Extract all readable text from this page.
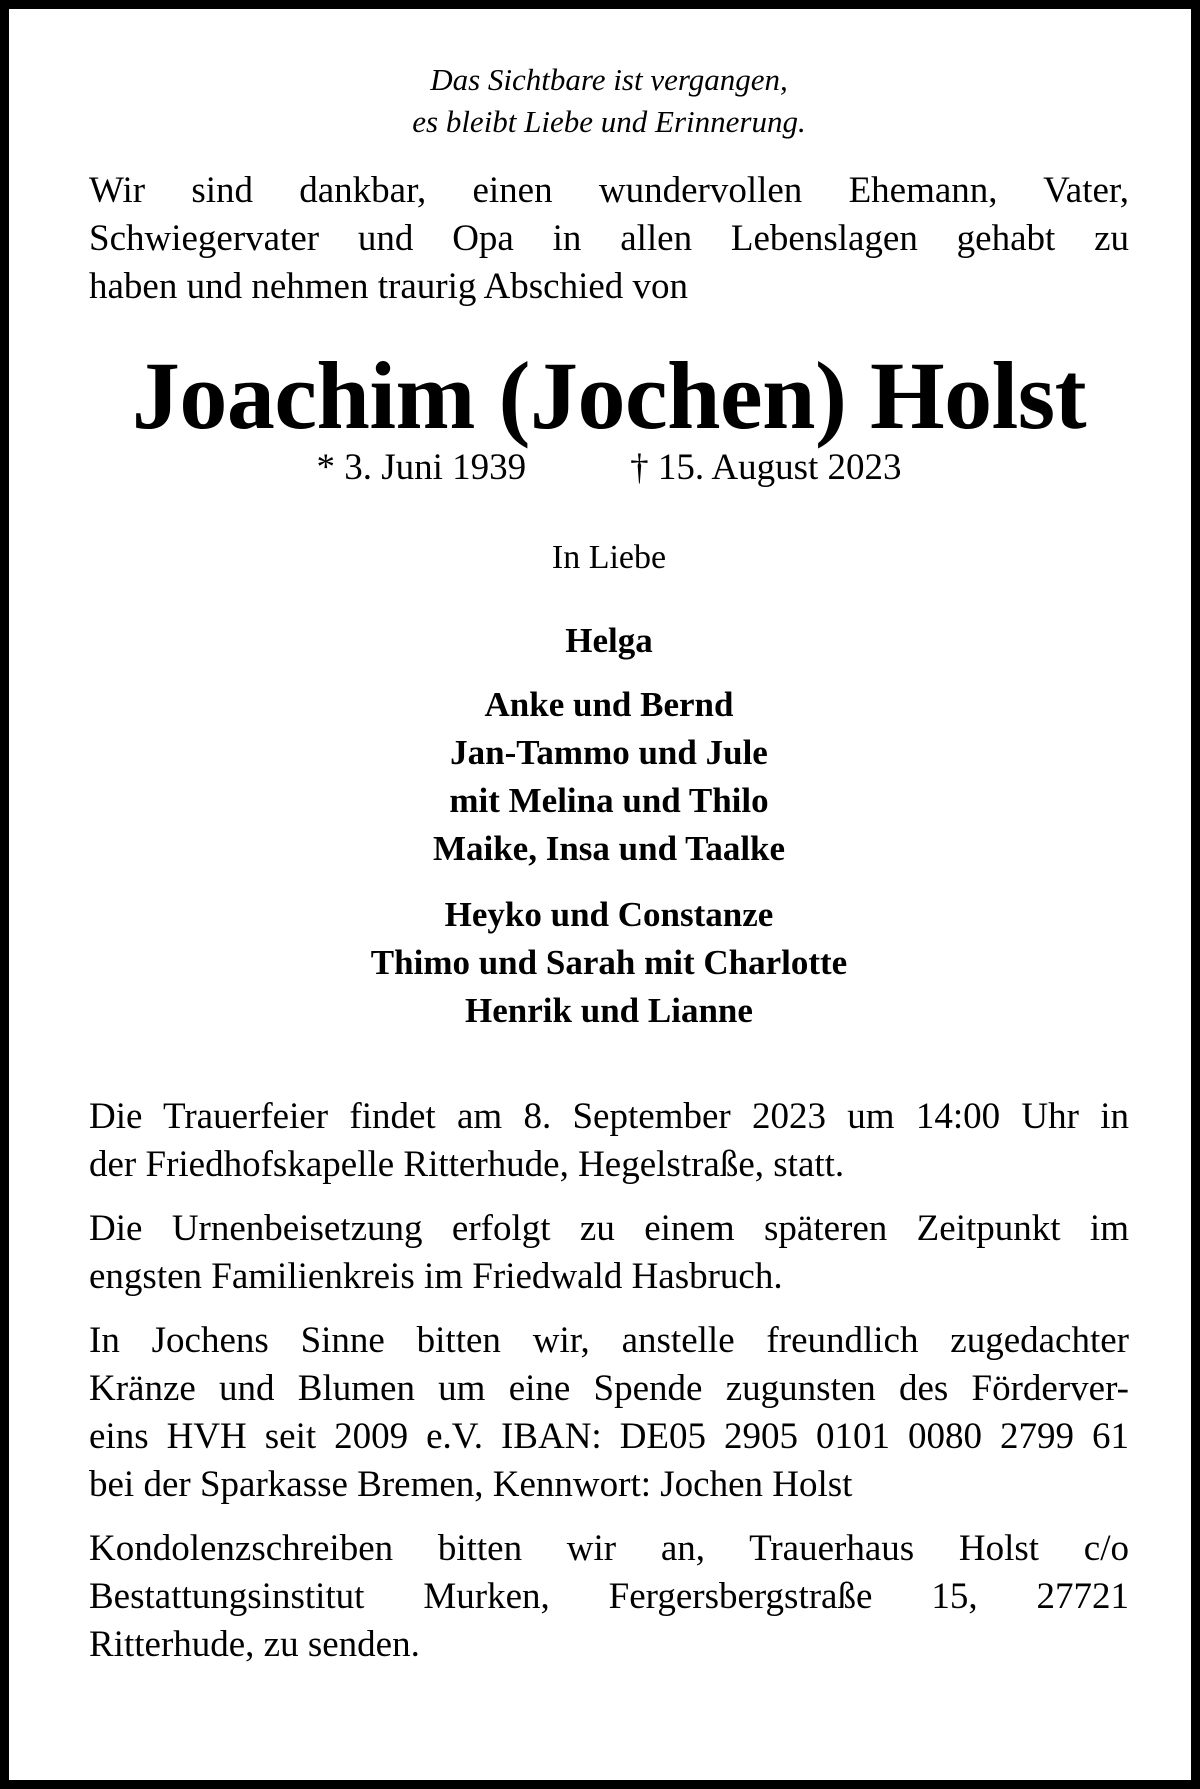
Das Sichtbare ist vergangen,
es bleibt Liebe und Erinnerung.

Wir sind dankbar, einen wundervollen Ehemann, Vater,
Schwiegervater und Opa in allen Lebenslagen gehabt zu
haben und nehmen traurig Abschied von

Joachim (Jochen) Holst
* 3. Juni 1939	† 15. August 2023

In Liebe

Helga

Anke und Bernd
Jan-Tammo und Jule
mit Melina und Thilo
Maike, Insa und Taalke

Heyko und Constanze
Thimo und Sarah mit Charlotte
Henrik und Lianne

Die Trauerfeier findet am 8. September 2023 um 14:00 Uhr in
der Friedhofskapelle Ritterhude, Hegelstraße, statt.

Die Urnenbeisetzung erfolgt zu einem späteren Zeitpunkt im
engsten Familienkreis im Friedwald Hasbruch.

In Jochens Sinne bitten wir, anstelle freundlich zugedachter
Kränze und Blumen um eine Spende zugunsten des Förderver-
eins HVH seit 2009 e.V. IBAN: DE05 2905 0101 0080 2799 61
bei der Sparkasse Bremen, Kennwort: Jochen Holst

Kondolenzschreiben bitten wir an, Trauerhaus Holst c/o
Bestattungsinstitut Murken, Fergersbergstraße 15, 27721
Ritterhude, zu senden.
